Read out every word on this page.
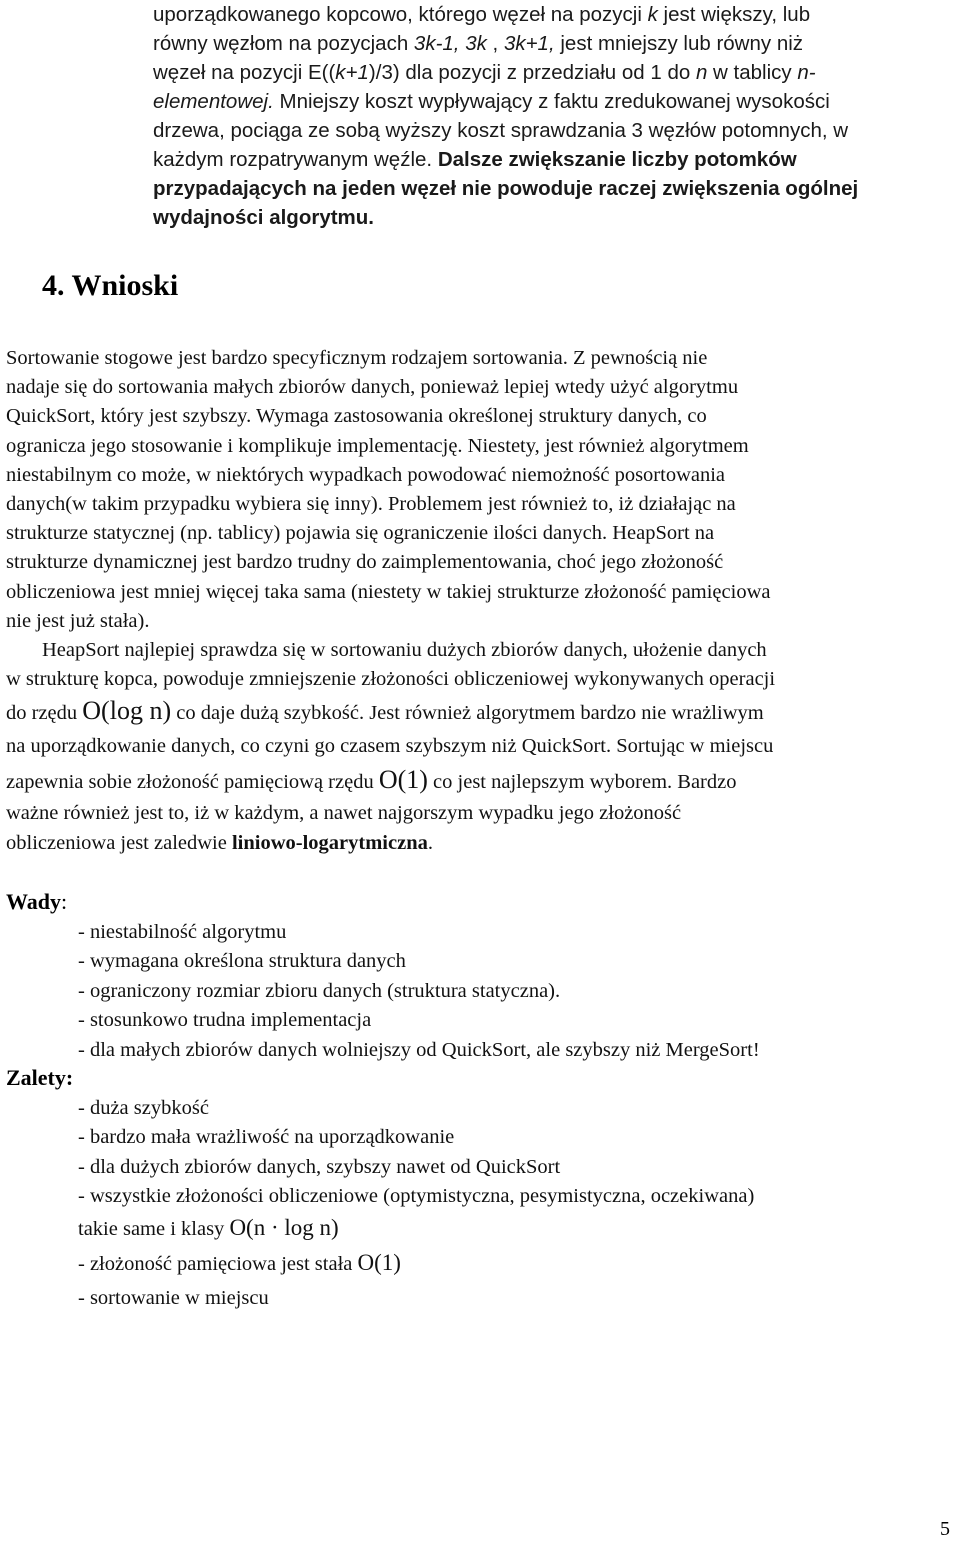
uporządkowanego kopcowo, którego węzeł na pozycji k jest większy, lub
równy węzłom na pozycjach 3k-1, 3k , 3k+1, jest mniejszy lub równy niż
węzeł na pozycji E((k+1)/3) dla pozycji z przedziału od 1 do n w tablicy n-
elementowej. Mniejszy koszt wypływający z faktu zredukowanej wysokości
drzewa, pociąga ze sobą wyższy koszt sprawdzania 3 węzłów potomnych, w
każdym rozpatrywanym węźle. Dalsze zwiększanie liczby potomków
przypadających na jeden węzeł nie powoduje raczej zwiększenia ogólnej
wydajności algorytmu.
4. Wnioski
Sortowanie stogowe jest bardzo specyficznym rodzajem sortowania. Z pewnością nie
nadaje się do sortowania małych zbiorów danych, ponieważ lepiej wtedy użyć algorytmu
QuickSort, który jest szybszy. Wymaga zastosowania określonej struktury danych, co
ogranicza jego stosowanie i komplikuje implementację. Niestety, jest również algorytmem
niestabilnym co może, w niektórych wypadkach powodować niemożność posortowania
danych(w takim przypadku wybiera się inny). Problemem jest również to, iż działając na
strukturze statycznej (np. tablicy) pojawia się ograniczenie ilości danych. HeapSort na
strukturze dynamicznej jest bardzo trudny do zaimplementowania, choć jego złożoność
obliczeniowa jest mniej więcej taka sama (niestety w takiej strukturze złożoność pamięciowa
nie jest już stała).
HeapSort najlepiej sprawdza się w sortowaniu dużych zbiorów danych, ułożenie danych
w strukturę kopca, powoduje zmniejszenie złożoności obliczeniowej wykonywanych operacji
do rzędu O(log n) co daje dużą szybkość. Jest również algorytmem bardzo nie wrażliwym
na uporządkowanie danych, co czyni go czasem szybszym niż QuickSort. Sortując w miejscu
zapewnia sobie złożoność pamięciową rzędu O(1) co jest najlepszym wyborem. Bardzo
ważne również jest to, iż w każdym, a nawet najgorszym wypadku jego złożoność
obliczeniowa jest zaledwie liniowo-logarytmiczna.
Wady:
- niestabilność algorytmu
- wymagana określona struktura danych
- ograniczony rozmiar zbioru danych (struktura statyczna).
- stosunkowo trudna implementacja
- dla małych zbiorów danych wolniejszy od QuickSort, ale szybszy niż MergeSort!
Zalety:
- duża szybkość
- bardzo mała wrażliwość na uporządkowanie
- dla dużych zbiorów danych, szybszy nawet od QuickSort
- wszystkie złożoności obliczeniowe (optymistyczna, pesymistyczna, oczekiwana)
takie same i klasy O(n · log n)
- złożoność pamięciowa jest stała O(1)
- sortowanie w miejscu
5
